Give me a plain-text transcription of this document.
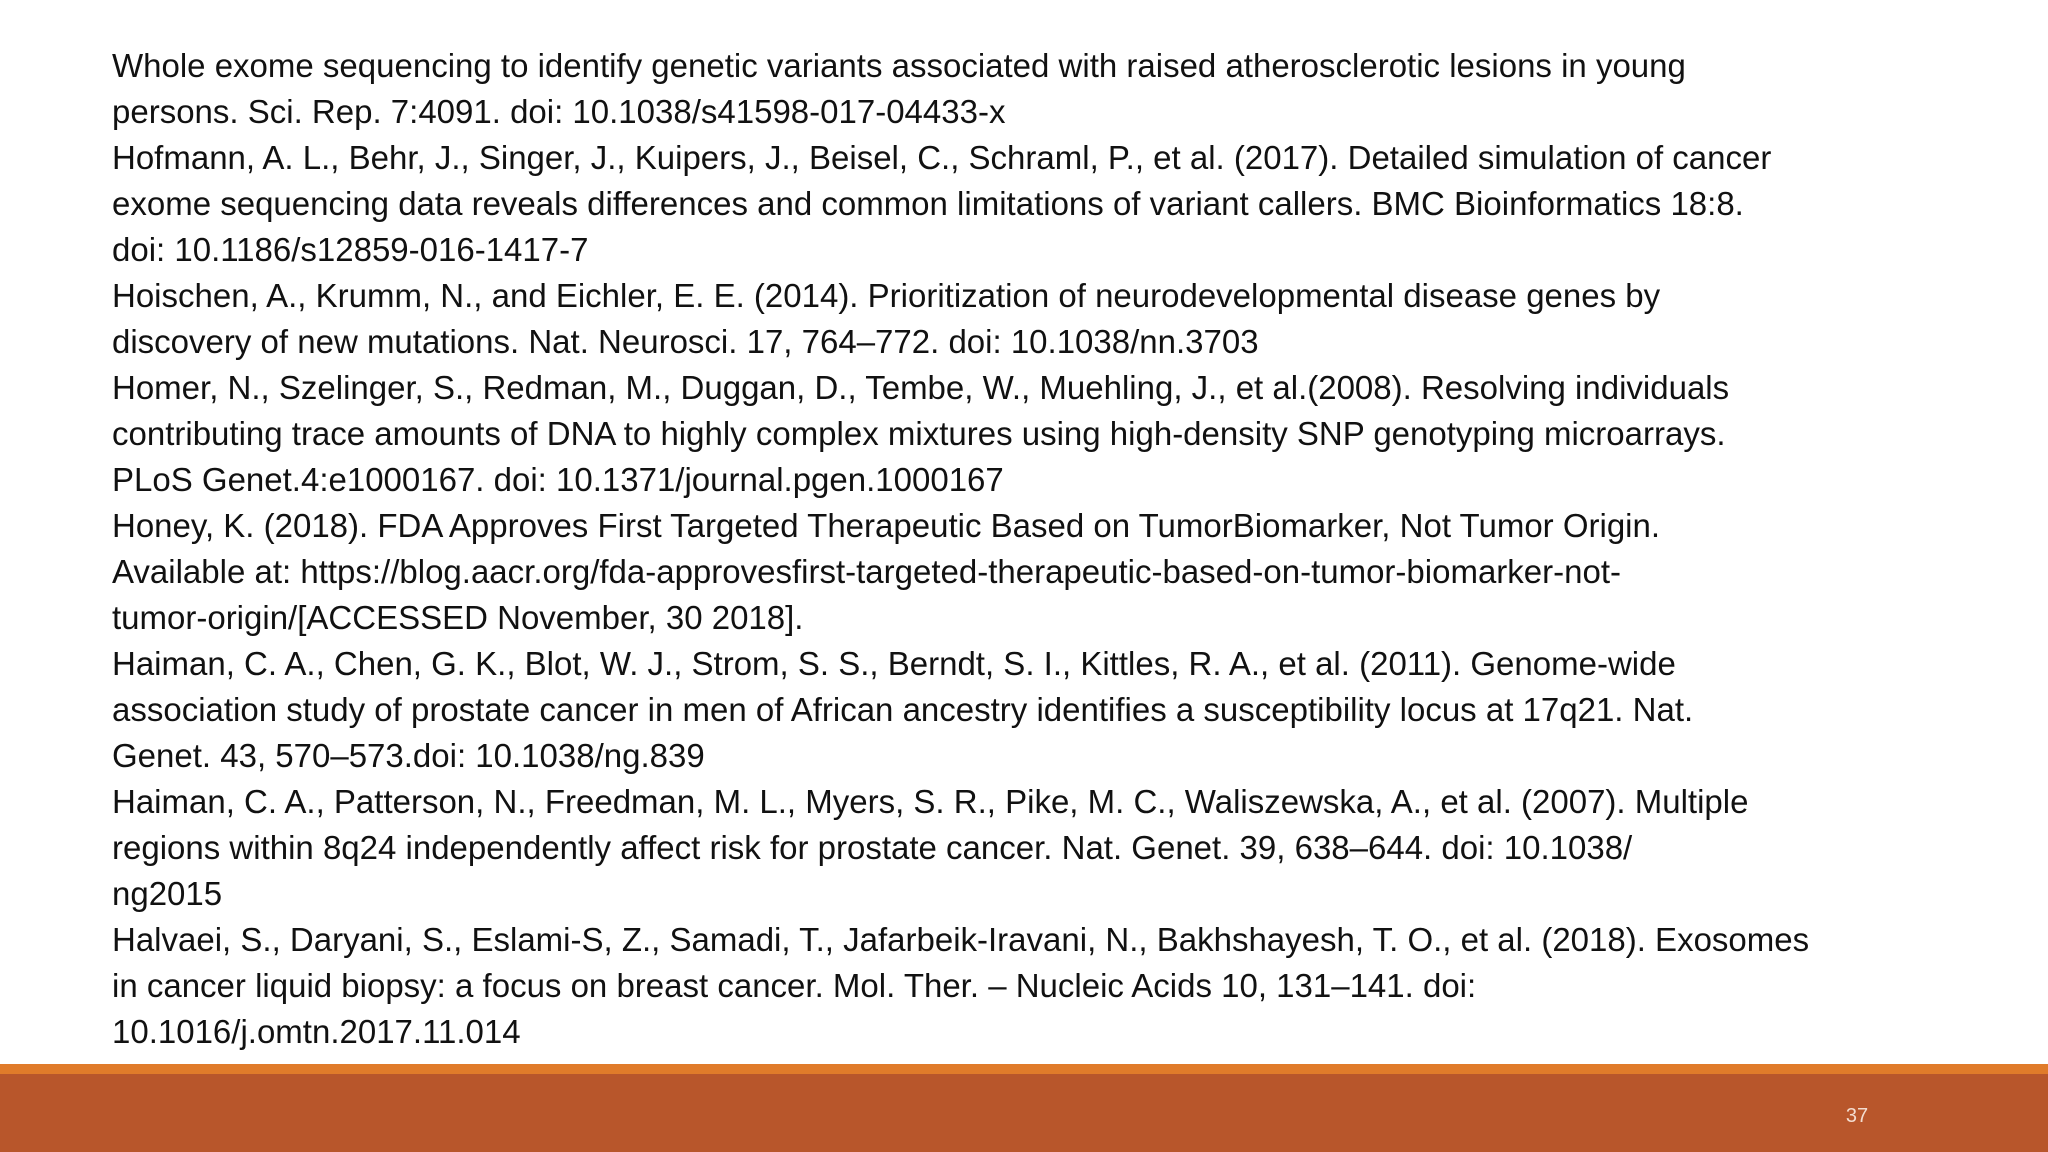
Whole exome sequencing to identify genetic variants associated with raised atherosclerotic lesions in young
persons. Sci. Rep. 7:4091. doi: 10.1038/s41598-017-04433-x
Hofmann, A. L., Behr, J., Singer, J., Kuipers, J., Beisel, C., Schraml, P., et al. (2017). Detailed simulation of cancer
exome sequencing data reveals differences and common limitations of variant callers. BMC Bioinformatics 18:8.
doi: 10.1186/s12859-016-1417-7
Hoischen, A., Krumm, N., and Eichler, E. E. (2014). Prioritization of neurodevelopmental disease genes by
discovery of new mutations. Nat. Neurosci. 17, 764–772. doi: 10.1038/nn.3703
Homer, N., Szelinger, S., Redman, M., Duggan, D., Tembe, W., Muehling, J., et al.(2008). Resolving individuals
contributing trace amounts of DNA to highly complex mixtures using high-density SNP genotyping microarrays.
PLoS Genet.4:e1000167. doi: 10.1371/journal.pgen.1000167
Honey, K. (2018). FDA Approves First Targeted Therapeutic Based on TumorBiomarker, Not Tumor Origin.
Available at: https://blog.aacr.org/fda-approvesfirst-targeted-therapeutic-based-on-tumor-biomarker-not-
tumor-origin/[ACCESSED November, 30 2018].
Haiman, C. A., Chen, G. K., Blot, W. J., Strom, S. S., Berndt, S. I., Kittles, R. A., et al. (2011). Genome-wide
association study of prostate cancer in men of African ancestry identifies a susceptibility locus at 17q21. Nat.
Genet. 43, 570–573.doi: 10.1038/ng.839
Haiman, C. A., Patterson, N., Freedman, M. L., Myers, S. R., Pike, M. C., Waliszewska, A., et al. (2007). Multiple
regions within 8q24 independently affect risk for prostate cancer. Nat. Genet. 39, 638–644. doi: 10.1038/
ng2015
Halvaei, S., Daryani, S., Eslami-S, Z., Samadi, T., Jafarbeik-Iravani, N., Bakhshayesh, T. O., et al. (2018). Exosomes
in cancer liquid biopsy: a focus on breast cancer. Mol. Ther. – Nucleic Acids 10, 131–141. doi:
10.1016/j.omtn.2017.11.014
37
